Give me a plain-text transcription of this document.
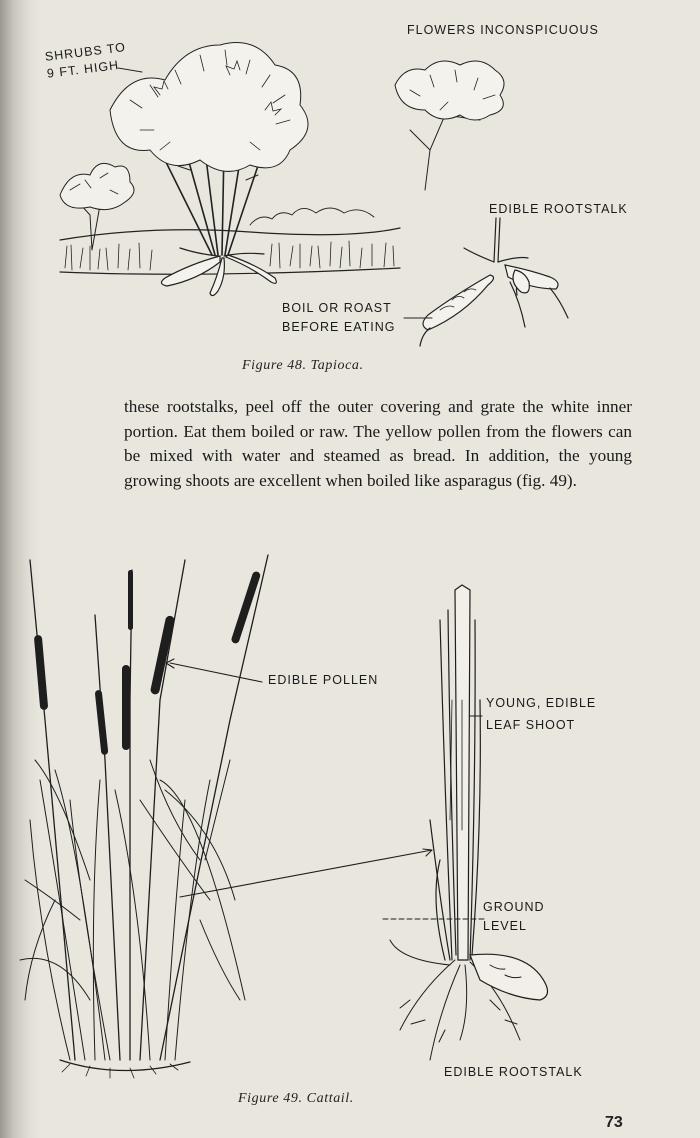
SHRUBS TO
9 FT. HIGH
FLOWERS INCONSPICUOUS
EDIBLE ROOTSTALK
BOIL OR ROAST
BEFORE EATING
Figure 48. Tapioca.

these rootstalks, peel off the outer covering and grate the white inner portion. Eat them boiled or raw. The yellow pollen from the flowers can be mixed with water and steamed as bread. In addition, the young growing shoots are excellent when boiled like asparagus (fig. 49).

EDIBLE POLLEN
YOUNG, EDIBLE
LEAF SHOOT
GROUND
LEVEL
EDIBLE ROOTSTALK
Figure 49. Cattail.
73
